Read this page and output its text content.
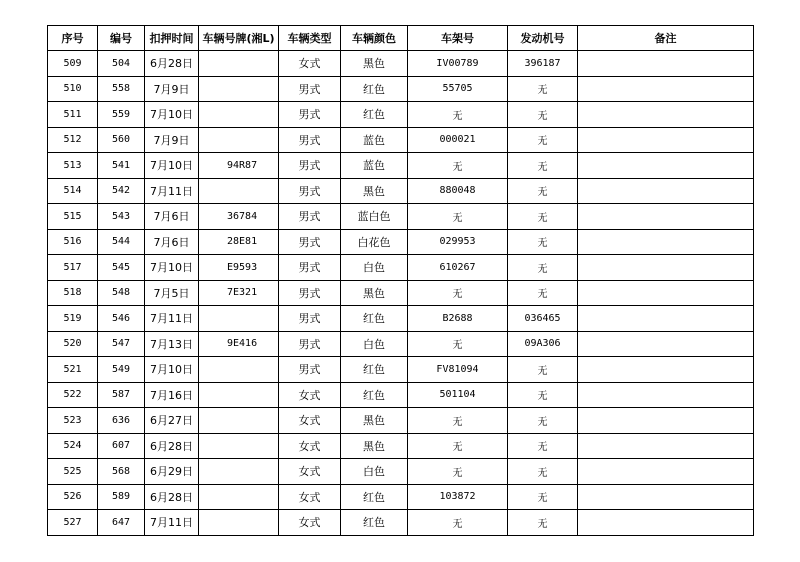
序号	编号	扣押时间	车辆号牌(湘L)	车辆类型	车辆颜色	车架号	发动机号	备注
509	504	6月28日		女式	黑色	IV00789	396187	
510	558	7月9日		男式	红色	55705	无	
511	559	7月10日		男式	红色	无	无	
512	560	7月9日		男式	蓝色	000021	无	
513	541	7月10日	94R87	男式	蓝色	无	无	
514	542	7月11日		男式	黑色	880048	无	
515	543	7月6日	36784	男式	蓝白色	无	无	
516	544	7月6日	28E81	男式	白花色	029953	无	
517	545	7月10日	E9593	男式	白色	610267	无	
518	548	7月5日	7E321	男式	黑色	无	无	
519	546	7月11日		男式	红色	B2688	036465	
520	547	7月13日	9E416	男式	白色	无	09A306	
521	549	7月10日		男式	红色	FV81094	无	
522	587	7月16日		女式	红色	501104	无	
523	636	6月27日		女式	黑色	无	无	
524	607	6月28日		女式	黑色	无	无	
525	568	6月29日		女式	白色	无	无	
526	589	6月28日		女式	红色	103872	无	
527	647	7月11日		女式	红色	无	无	
